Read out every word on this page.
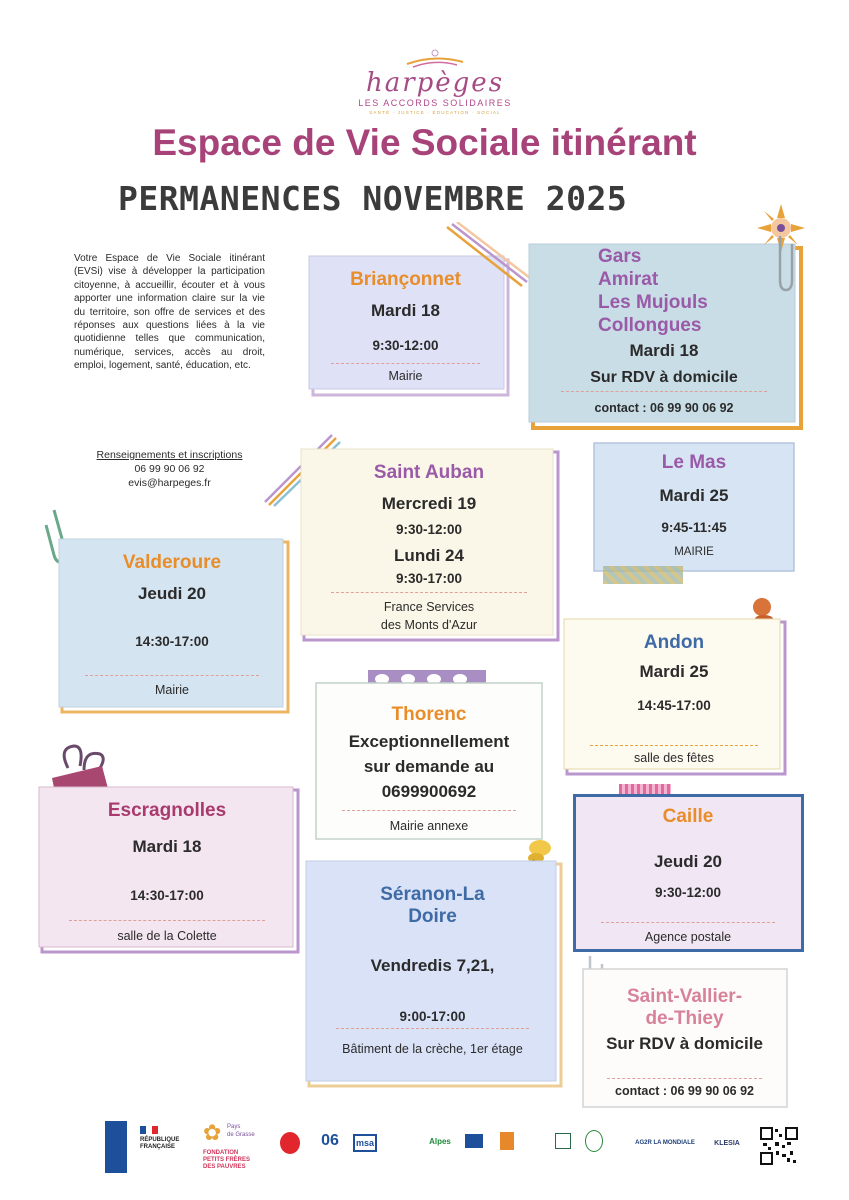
harpèges
LES ACCORDS SOLIDAIRES
SANTÉ · JUSTICE · ÉDUCATION · SOCIAL
Espace de Vie Sociale itinérant
PERMANENCES NOVEMBRE 2025

Votre Espace de Vie Sociale itinérant (EVSi) vise à développer la participation citoyenne, à accueillir, écouter et à vous apporter une information claire sur la vie du territoire, son offre de services et des réponses aux questions liées à la vie quotidienne telles que communication, numérique, services, accès au droit, emploi, logement, santé, éducation, etc.

Renseignements et inscriptions
06 99 90 06 92
evis@harpeges.fr
Briançonnet
Mardi 18
9:30-12:00
Mairie
Gars
Amirat
Les Mujouls
Collongues
Mardi 18
Sur RDV à domicile
contact : 06 99 90 06 92
Saint Auban
Mercredi 19
9:30-12:00
Lundi 24
9:30-17:00
France Services
des Monts d'Azur
Le Mas
Mardi 25
9:45-11:45
MAIRIE
Valderoure
Jeudi 20
14:30-17:00
Mairie
Andon
Mardi 25
14:45-17:00
salle des fêtes
Thorenc
Exceptionnellement
sur demande au
0699900692
Mairie annexe
Escragnolles
Mardi 18
14:30-17:00
salle de la Colette
Caille
Jeudi 20
9:30-12:00
Agence postale
Séranon-La
Doire
Vendredis 7,21,
9:00-17:00
Bâtiment de la crèche, 1er étage
Saint-Vallier-
de-Thiey
Sur RDV à domicile
contact : 06 99 90 06 92
RÉPUBLIQUE
FRANÇAISE
✿ Pays
de Grasse
FONDATION
PETITS FRÈRES
DES PAUVRES
06	msa	Alpes	AG2R LA MONDIALE	KLESIA
